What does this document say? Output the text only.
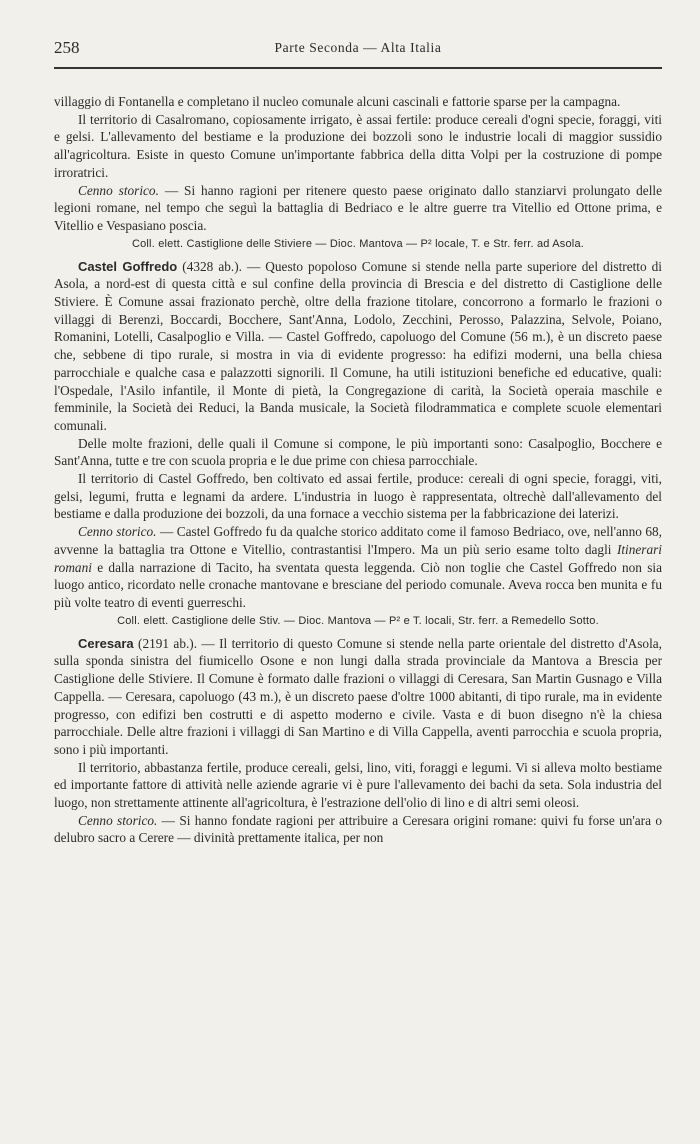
258	Parte Seconda — Alta Italia

villaggio di Fontanella e completano il nucleo comunale alcuni cascinali e fattorie sparse per la campagna.

Il territorio di Casalromano, copiosamente irrigato, è assai fertile: produce cereali d'ogni specie, foraggi, viti e gelsi. L'allevamento del bestiame e la produzione dei bozzoli sono le industrie locali di maggior sussidio all'agricoltura. Esiste in questo Comune un'importante fabbrica della ditta Volpi per la costruzione di pompe irroratrici.

Cenno storico. — Si hanno ragioni per ritenere questo paese originato dallo stanziarvi prolungato delle legioni romane, nel tempo che seguì la battaglia di Bedriaco e le altre guerre tra Vitellio ed Ottone prima, e Vitellio e Vespasiano poscia.

Coll. elett. Castiglione delle Stiviere — Dioc. Mantova — P² locale, T. e Str. ferr. ad Asola.

Castel Goffredo (4328 ab.). — Questo popoloso Comune si stende nella parte superiore del distretto di Asola, a nord-est di questa città e sul confine della provincia di Brescia e del distretto di Castiglione delle Stiviere. È Comune assai frazionato perchè, oltre della frazione titolare, concorrono a formarlo le frazioni o villaggi di Berenzi, Boccardi, Bocchere, Sant'Anna, Lodolo, Zecchini, Perosso, Palazzina, Selvole, Poiano, Romanini, Lotelli, Casalpoglio e Villa. — Castel Goffredo, capoluogo del Comune (56 m.), è un discreto paese che, sebbene di tipo rurale, si mostra in via di evidente progresso: ha edifizi moderni, una bella chiesa parrocchiale e qualche casa e palazzotti signorili. Il Comune, ha utili istituzioni benefiche ed educative, quali: l'Ospedale, l'Asilo infantile, il Monte di pietà, la Congregazione di carità, la Società operaia maschile e femminile, la Società dei Reduci, la Banda musicale, la Società filodrammatica e complete scuole elementari comunali.

Delle molte frazioni, delle quali il Comune si compone, le più importanti sono: Casalpoglio, Bocchere e Sant'Anna, tutte e tre con scuola propria e le due prime con chiesa parrocchiale.

Il territorio di Castel Goffredo, ben coltivato ed assai fertile, produce: cereali di ogni specie, foraggi, viti, gelsi, legumi, frutta e legnami da ardere. L'industria in luogo è rappresentata, oltrechè dall'allevamento del bestiame e dalla produzione dei bozzoli, da una fornace a vecchio sistema per la fabbricazione dei laterizi.

Cenno storico. — Castel Goffredo fu da qualche storico additato come il famoso Bedriaco, ove, nell'anno 68, avvenne la battaglia tra Ottone e Vitellio, contrastantisi l'Impero. Ma un più serio esame tolto dagli Itinerari romani e dalla narrazione di Tacito, ha sventata questa leggenda. Ciò non toglie che Castel Goffredo non sia luogo antico, ricordato nelle cronache mantovane e bresciane del periodo comunale. Aveva rocca ben munita e fu più volte teatro di eventi guerreschi.

Coll. elett. Castiglione delle Stiv. — Dioc. Mantova — P² e T. locali, Str. ferr. a Remedello Sotto.

Ceresara (2191 ab.). — Il territorio di questo Comune si stende nella parte orientale del distretto d'Asola, sulla sponda sinistra del fiumicello Osone e non lungi dalla strada provinciale da Mantova a Brescia per Castiglione delle Stiviere. Il Comune è formato dalle frazioni o villaggi di Ceresara, San Martin Gusnago e Villa Cappella. — Ceresara, capoluogo (43 m.), è un discreto paese d'oltre 1000 abitanti, di tipo rurale, ma in evidente progresso, con edifizi ben costrutti e di aspetto moderno e civile. Vasta e di buon disegno n'è la chiesa parrocchiale. Delle altre frazioni i villaggi di San Martino e di Villa Cappella, aventi parrocchia e scuola propria, sono i più importanti.

Il territorio, abbastanza fertile, produce cereali, gelsi, lino, viti, foraggi e legumi. Vi si alleva molto bestiame ed importante fattore di attività nelle aziende agrarie vi è pure l'allevamento dei bachi da seta. Sola industria del luogo, non strettamente attinente all'agricoltura, è l'estrazione dell'olio di lino e di altri semi oleosi.

Cenno storico. — Si hanno fondate ragioni per attribuire a Ceresara origini romane: quivi fu forse un'ara o delubro sacro a Cerere — divinità prettamente italica, per non
